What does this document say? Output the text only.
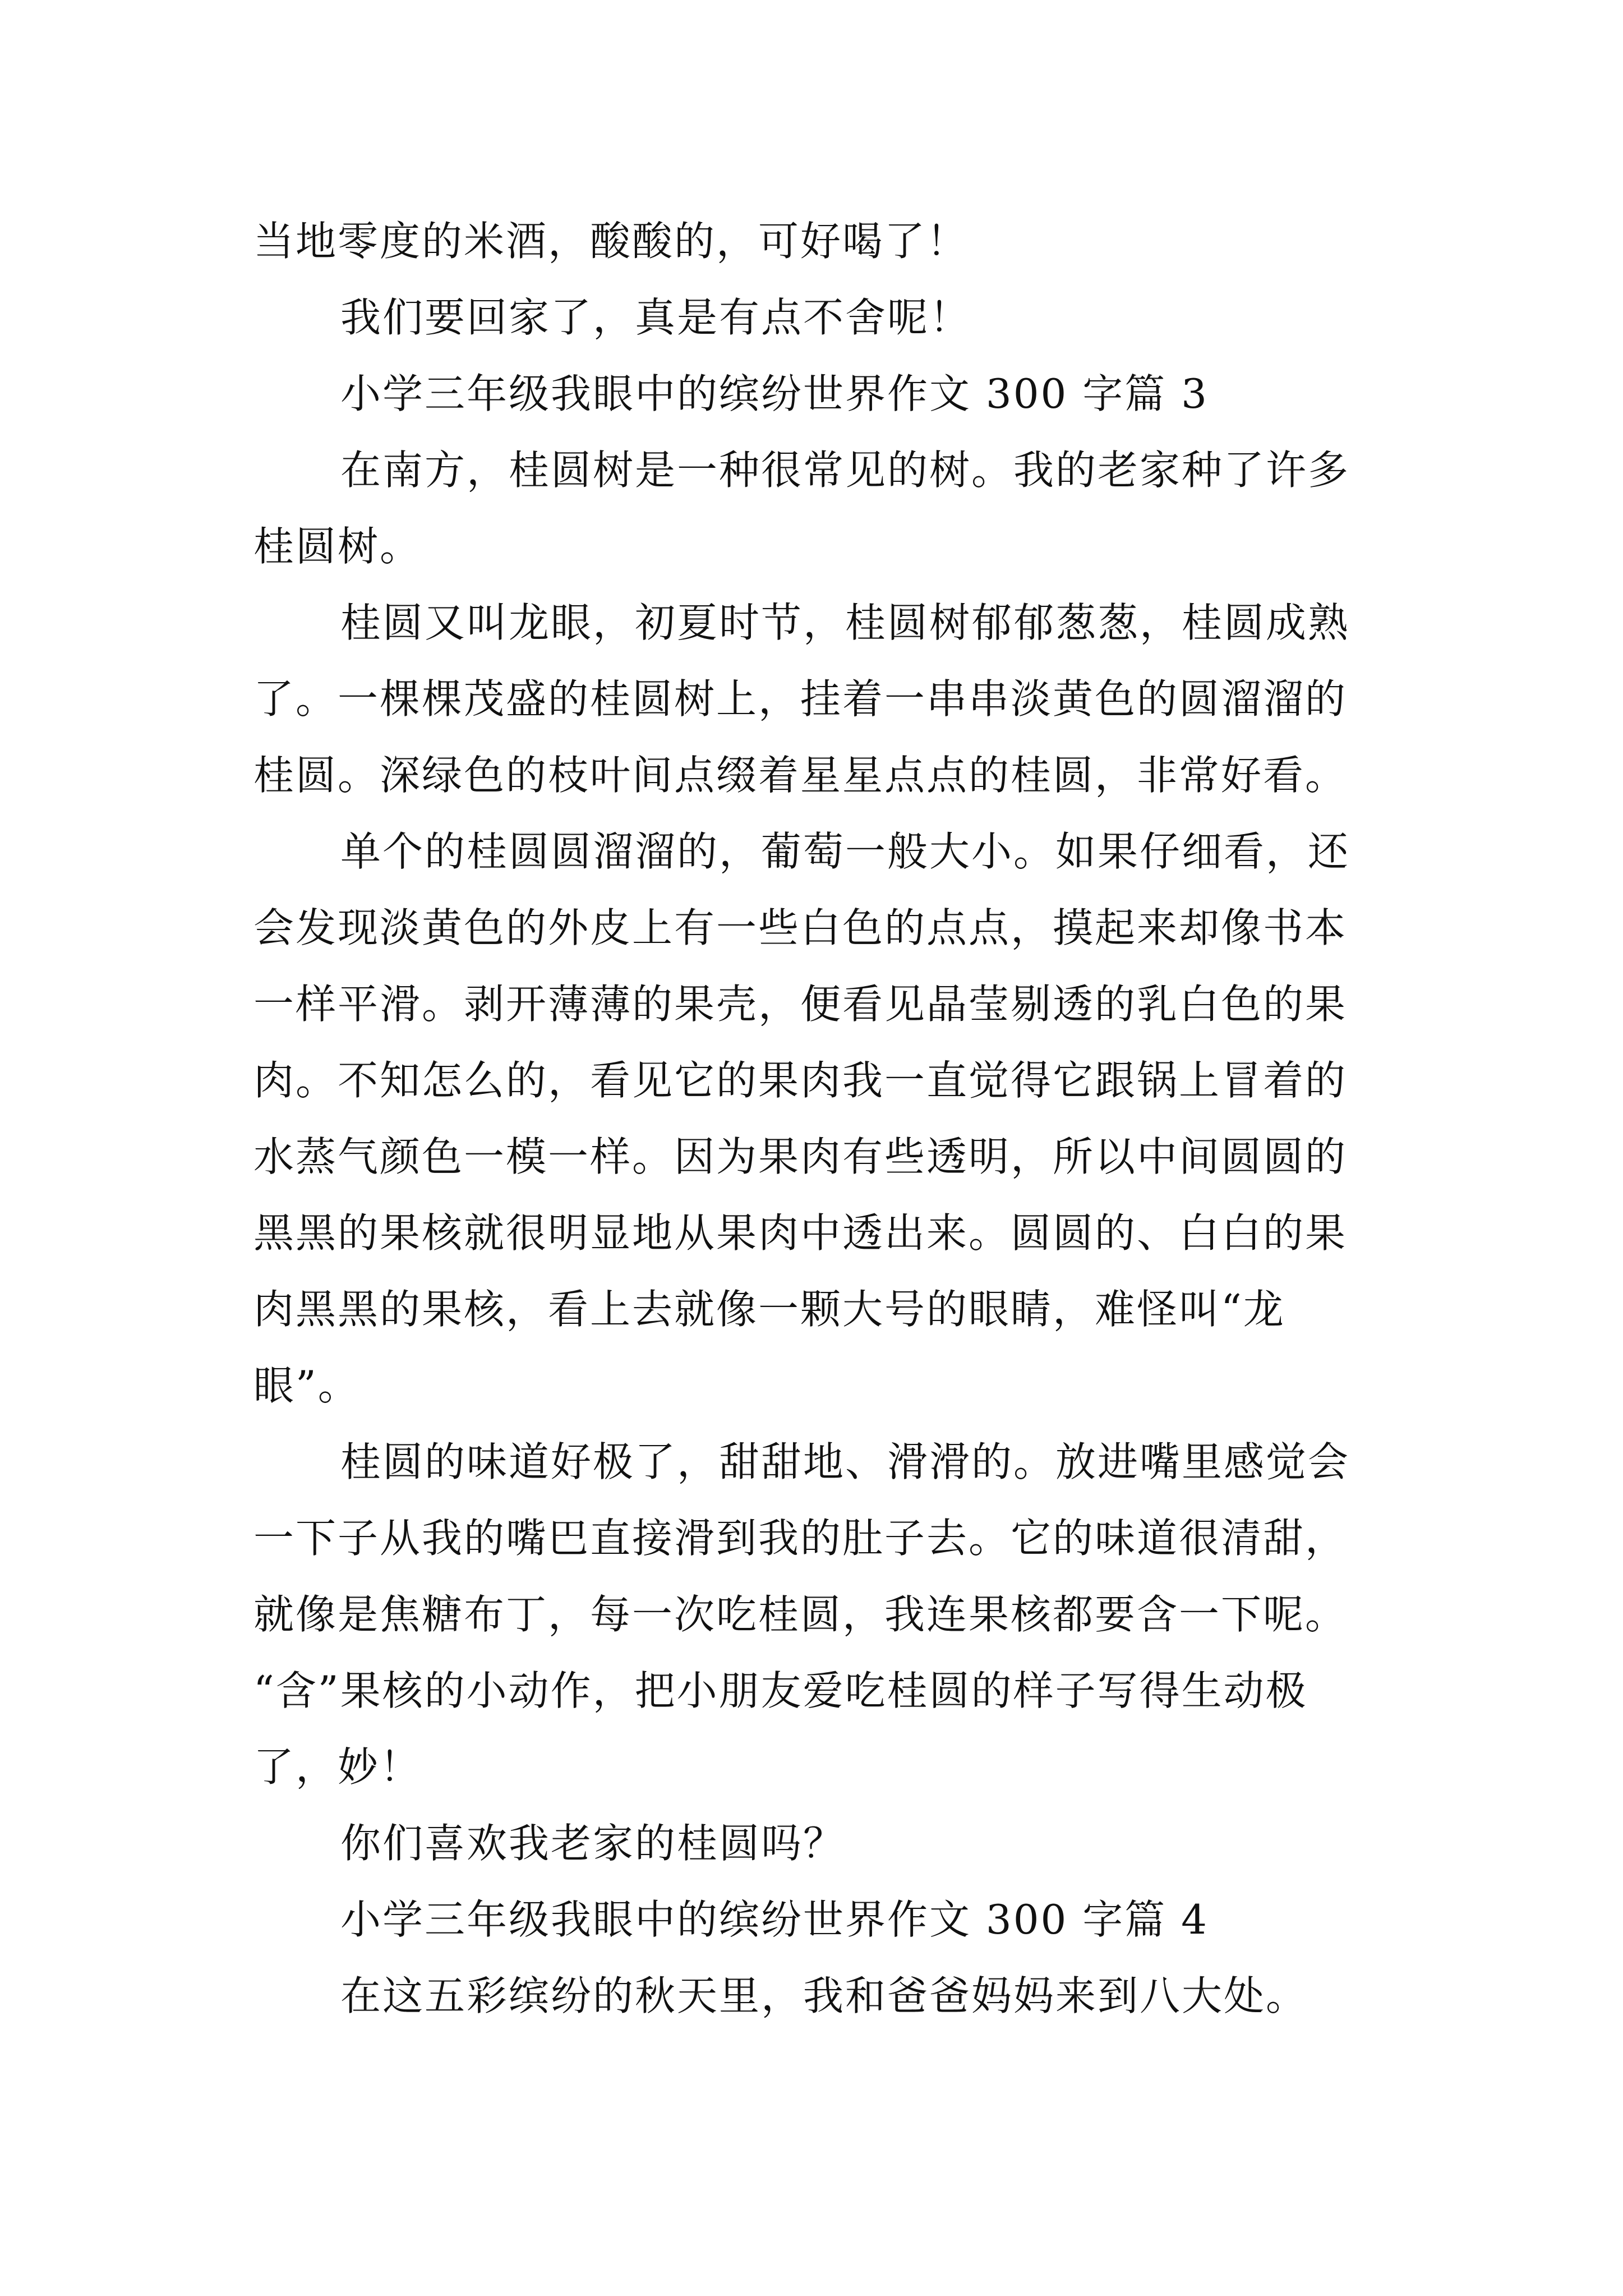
当地零度的米酒，酸酸的，可好喝了！
我们要回家了，真是有点不舍呢！
小学三年级我眼中的缤纷世界作文 300 字篇 3
在南方，桂圆树是一种很常见的树。我的老家种了许多
桂圆树。
桂圆又叫龙眼，初夏时节，桂圆树郁郁葱葱，桂圆成熟
了。一棵棵茂盛的桂圆树上，挂着一串串淡黄色的圆溜溜的
桂圆。深绿色的枝叶间点缀着星星点点的桂圆，非常好看。
单个的桂圆圆溜溜的，葡萄一般大小。如果仔细看，还
会发现淡黄色的外皮上有一些白色的点点，摸起来却像书本
一样平滑。剥开薄薄的果壳，便看见晶莹剔透的乳白色的果
肉。不知怎么的，看见它的果肉我一直觉得它跟锅上冒着的
水蒸气颜色一模一样。因为果肉有些透明，所以中间圆圆的
黑黑的果核就很明显地从果肉中透出来。圆圆的、白白的果
肉黑黑的果核，看上去就像一颗大号的眼睛，难怪叫“龙
眼”。
桂圆的味道好极了，甜甜地、滑滑的。放进嘴里感觉会
一下子从我的嘴巴直接滑到我的肚子去。它的味道很清甜，
就像是焦糖布丁，每一次吃桂圆，我连果核都要含一下呢。
“含”果核的小动作，把小朋友爱吃桂圆的样子写得生动极
了，妙！
你们喜欢我老家的桂圆吗？
小学三年级我眼中的缤纷世界作文 300 字篇 4
在这五彩缤纷的秋天里，我和爸爸妈妈来到八大处。
